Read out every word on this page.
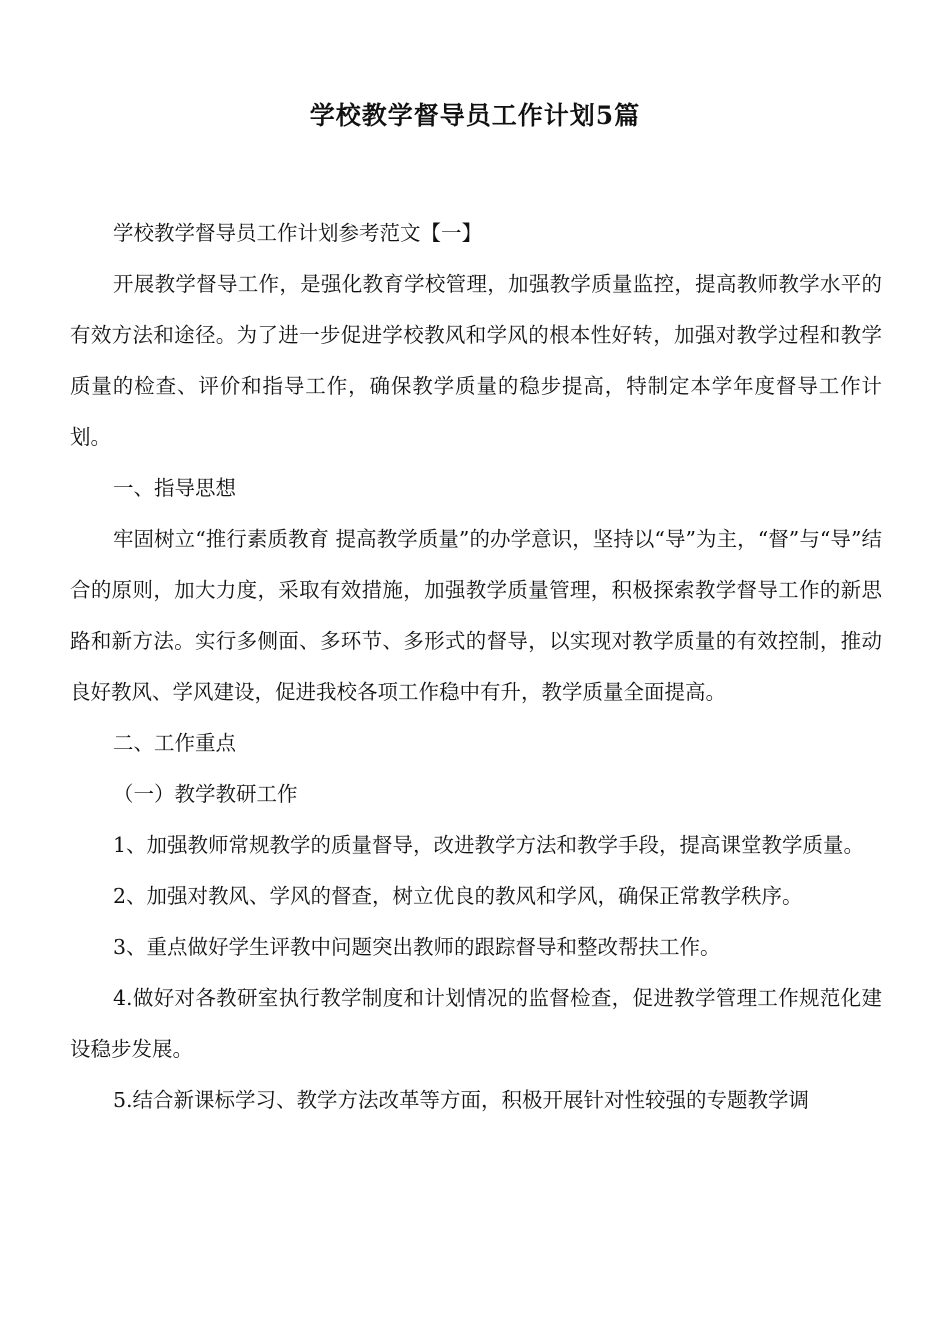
学校教学督导员工作计划5篇

学校教学督导员工作计划参考范文【一】

开展教学督导工作，是强化教育学校管理，加强教学质量监控，提高教师教学水平的有效方法和途径。为了进一步促进学校教风和学风的根本性好转，加强对教学过程和教学质量的检查、评价和指导工作，确保教学质量的稳步提高，特制定本学年度督导工作计划。

一、指导思想

牢固树立“推行素质教育 提高教学质量”的办学意识，坚持以“导”为主，“督”与“导”结合的原则，加大力度，采取有效措施，加强教学质量管理，积极探索教学督导工作的新思路和新方法。实行多侧面、多环节、多形式的督导，以实现对教学质量的有效控制，推动良好教风、学风建设，促进我校各项工作稳中有升，教学质量全面提高。

二、工作重点

（一）教学教研工作

1、加强教师常规教学的质量督导，改进教学方法和教学手段，提高课堂教学质量。

2、加强对教风、学风的督查，树立优良的教风和学风，确保正常教学秩序。

3、重点做好学生评教中问题突出教师的跟踪督导和整改帮扶工作。

4.做好对各教研室执行教学制度和计划情况的监督检查，促进教学管理工作规范化建设稳步发展。

5.结合新课标学习、教学方法改革等方面，积极开展针对性较强的专题教学调
